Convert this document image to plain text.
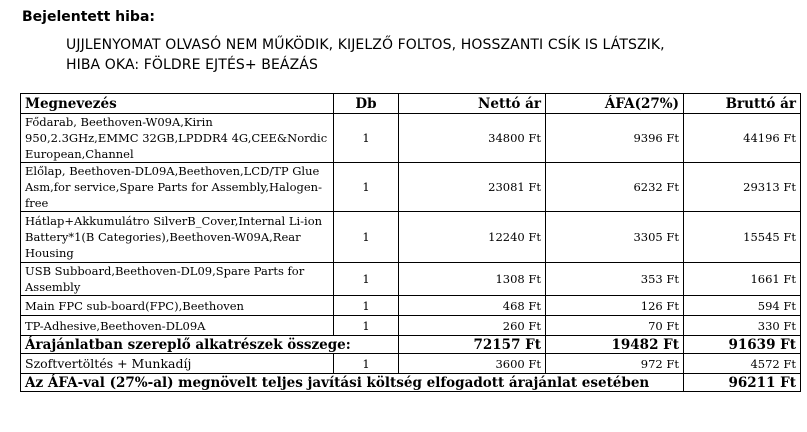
Bejelentett hiba:
UJJLENYOMAT OLVASÓ NEM MŰKÖDIK, KIJELZŐ FOLTOS, HOSSZANTI CSÍK IS LÁTSZIK,
HIBA OKA: FÖLDRE EJTÉS+ BEÁZÁS
Megnevezés	Db	Nettó ár	ÁFA(27%)	Bruttó ár
Fődarab, Beethoven-W09A,Kirin 950,2.3GHz,EMMC 32GB,LPDDR4 4G,CEE&Nordic European,Channel	1	34800 Ft	9396 Ft	44196 Ft
Előlap, Beethoven-DL09A,Beethoven,LCD/TP Glue Asm,for service,Spare Parts for Assembly,Halogen-free	1	23081 Ft	6232 Ft	29313 Ft
Hátlap+Akkumulátro SilverB_Cover,Internal Li-ion Battery*1(B Categories),Beethoven-W09A,Rear Housing	1	12240 Ft	3305 Ft	15545 Ft
USB Subboard,Beethoven-DL09,Spare Parts for Assembly	1	1308 Ft	353 Ft	1661 Ft
Main FPC sub-board(FPC),Beethoven	1	468 Ft	126 Ft	594 Ft
TP-Adhesive,Beethoven-DL09A	1	260 Ft	70 Ft	330 Ft
Árajánlatban szereplő alkatrészek összege:		72157 Ft	19482 Ft	91639 Ft
Szoftvertöltés + Munkadíj	1	3600 Ft	972 Ft	4572 Ft
Az ÁFA-val (27%-al) megnövelt teljes javítási költség elfogadott árajánlat esetében				96211 Ft
